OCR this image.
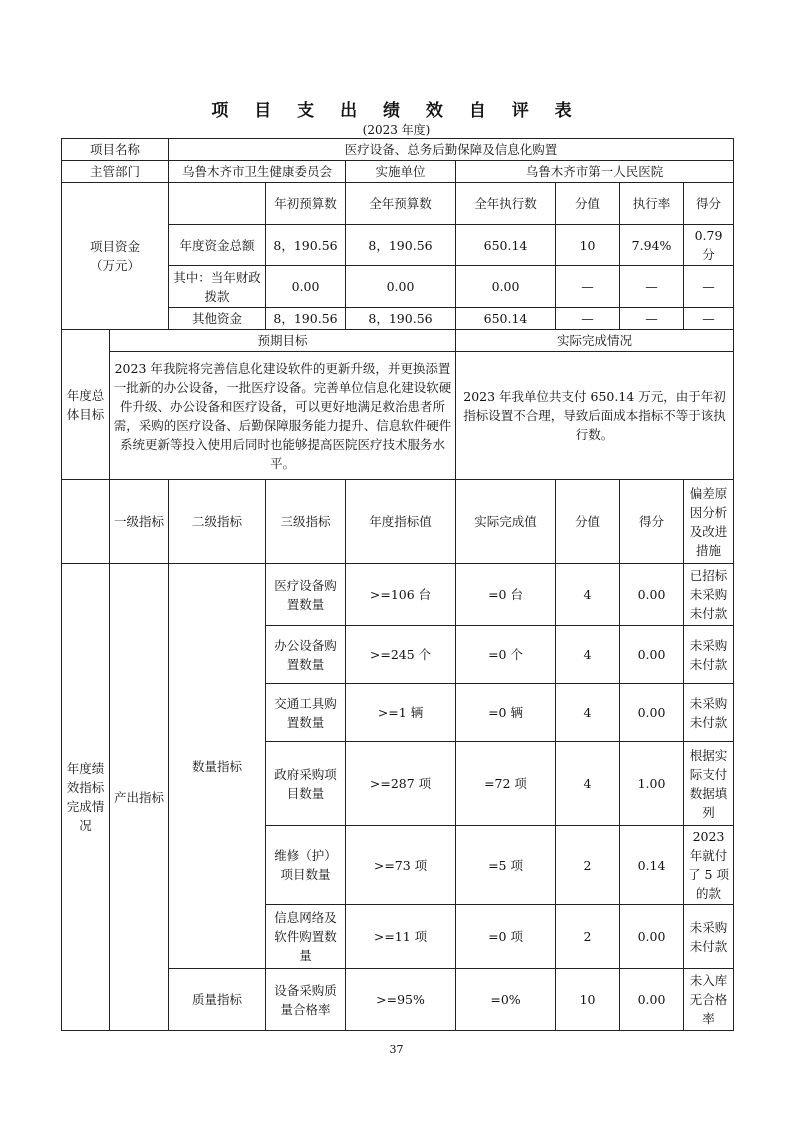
项 目 支 出 绩 效 自 评 表
(2023 年度)
项目名称		医疗设备、总务后勤保障及信息化购置						
主管部门		乌鲁木齐市卫生健康委员会		实施单位	乌鲁木齐市第一人民医院			
项目资金
（万元）			年初预算数	全年预算数	全年执行数	分值	执行率	得分
		年度资金总额	8，190.56	8，190.56	650.14	10	7.94%	0.79 分
		其中：当年财政拨款	0.00	0.00	0.00	—	—	—
		其他资金	8，190.56	8，190.56	650.14	—	—	—

年度总体目标	预期目标				实际完成情况			
	2023 年我院将完善信息化建设软件的更新升级，并更换添置一批新的办公设备，一批医疗设备。完善单位信息化建设软硬件升级、办公设备和医疗设备，可以更好地满足救治患者所需，采购的医疗设备、后勤保障服务能力提升、信息软件硬件系统更新等投入使用后同时也能够提高医院医疗技术服务水平。				2023 年我单位共支付 650.14 万元，由于年初指标设置不合理，导致后面成本指标不等于该执行数。			
	一级指标	二级指标	三级指标	年度指标值	实际完成值	分值	得分	偏差原因分析及改进措施
年度绩效指标完成情况	产出指标	数量指标	医疗设备购置数量	>=106 台	=0 台	4	0.00	已招标未采购未付款
			办公设备购置数量	>=245 个	=0 个	4	0.00	未采购未付款
			交通工具购置数量	>=1 辆	=0 辆	4	0.00	未采购未付款
			政府采购项目数量	>=287 项	=72 项	4	1.00	根据实际支付数据填列
			维修（护）项目数量	>=73 项	=5 项	2	0.14	2023 年就付了 5 项的款
			信息网络及软件购置数量	>=11 项	=0 项	2	0.00	未采购未付款
		质量指标	设备采购质量合格率	>=95%	=0%	10	0.00	未入库无合格率
37
